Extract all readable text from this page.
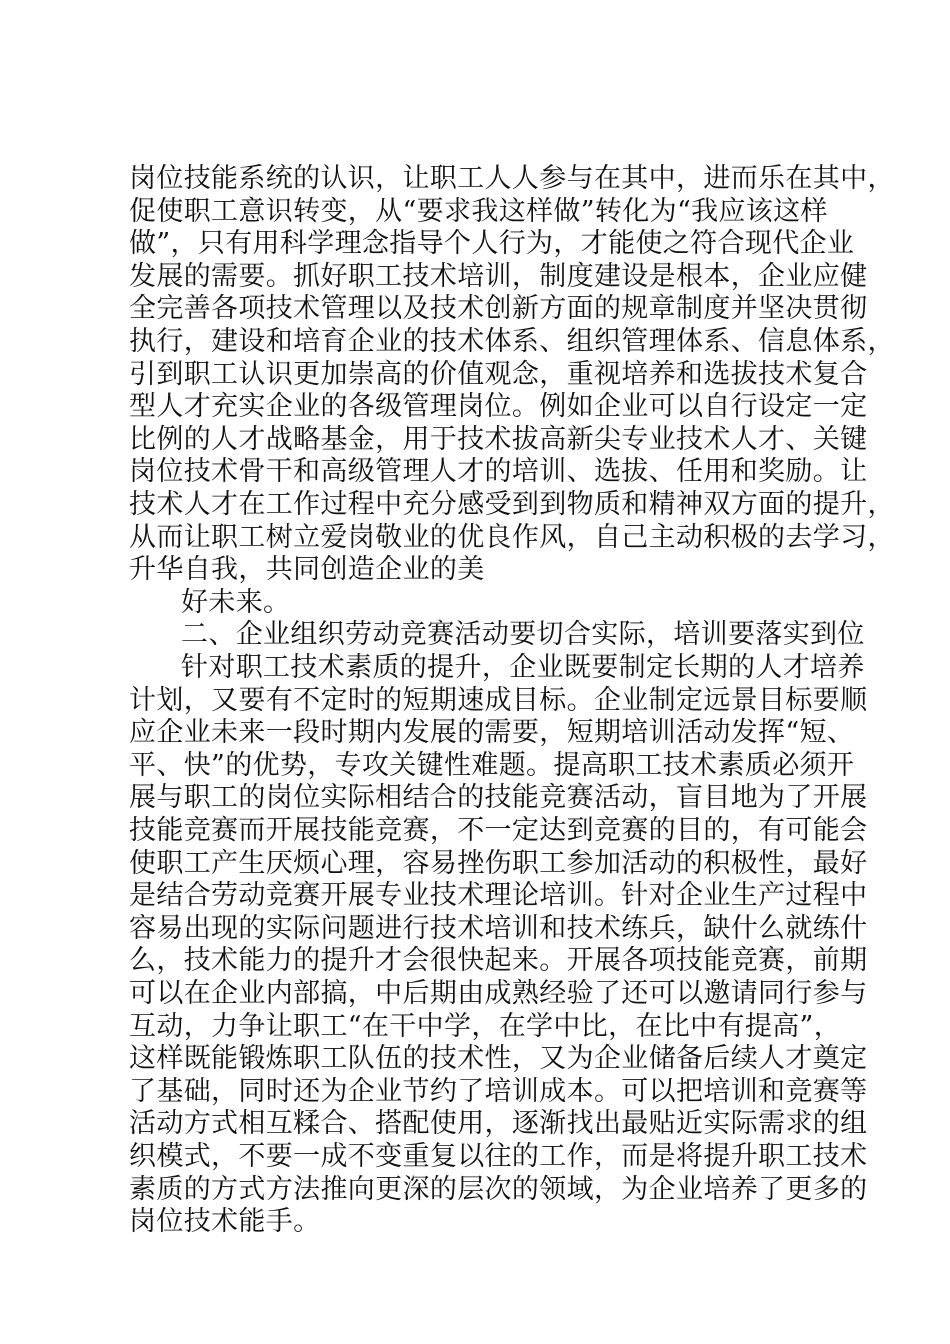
岗位技能系统的认识，让职工人人参与在其中，进而乐在其中，
促使职工意识转变，从“要求我这样做”转化为“我应该这样
做”，只有用科学理念指导个人行为，才能使之符合现代企业
发展的需要。抓好职工技术培训，制度建设是根本，企业应健
全完善各项技术管理以及技术创新方面的规章制度并坚决贯彻
执行，建设和培育企业的技术体系、组织管理体系、信息体系，
引到职工认识更加崇高的价值观念，重视培养和选拔技术复合
型人才充实企业的各级管理岗位。例如企业可以自行设定一定
比例的人才战略基金，用于技术拔高新尖专业技术人才、关键
岗位技术骨干和高级管理人才的培训、选拔、任用和奖励。让
技术人才在工作过程中充分感受到到物质和精神双方面的提升，
从而让职工树立爱岗敬业的优良作风，自己主动积极的去学习，
升华自我，共同创造企业的美
好未来。
二、企业组织劳动竞赛活动要切合实际，培训要落实到位
针对职工技术素质的提升，企业既要制定长期的人才培养
计划，又要有不定时的短期速成目标。企业制定远景目标要顺
应企业未来一段时期内发展的需要，短期培训活动发挥“短、
平、快”的优势，专攻关键性难题。提高职工技术素质必须开
展与职工的岗位实际相结合的技能竞赛活动，盲目地为了开展
技能竞赛而开展技能竞赛，不一定达到竞赛的目的，有可能会
使职工产生厌烦心理，容易挫伤职工参加活动的积极性，最好
是结合劳动竞赛开展专业技术理论培训。针对企业生产过程中
容易出现的实际问题进行技术培训和技术练兵，缺什么就练什
么，技术能力的提升才会很快起来。开展各项技能竞赛，前期
可以在企业内部搞，中后期由成熟经验了还可以邀请同行参与
互动，力争让职工“在干中学，在学中比，在比中有提高”，
这样既能锻炼职工队伍的技术性，又为企业储备后续人才奠定
了基础，同时还为企业节约了培训成本。可以把培训和竞赛等
活动方式相互糅合、搭配使用，逐渐找出最贴近实际需求的组
织模式，不要一成不变重复以往的工作，而是将提升职工技术
素质的方式方法推向更深的层次的领域，为企业培养了更多的
岗位技术能手。
